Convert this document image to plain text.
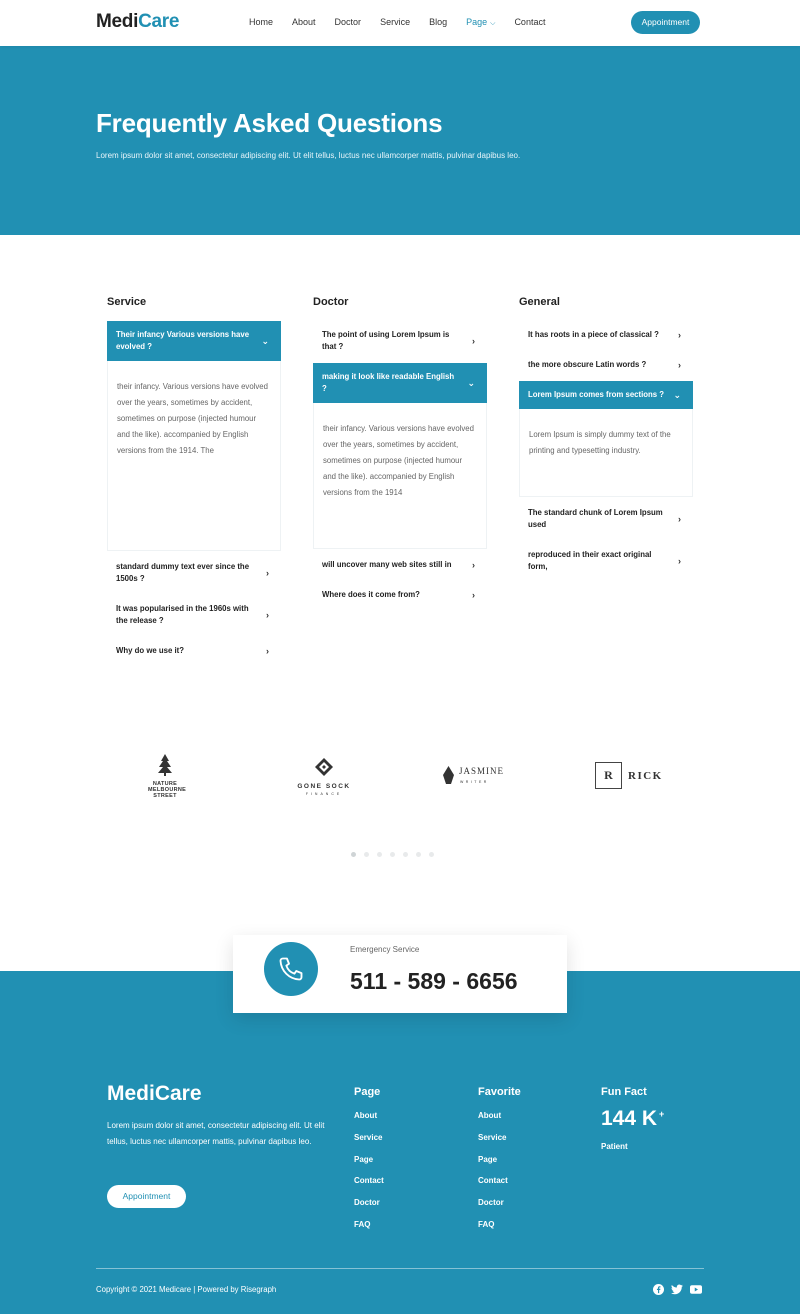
MediCare	Home About Doctor Service Blog Page ⌵ Contact	Appointment
Frequently Asked Questions

Lorem ipsum dolor sit amet, consectetur adipiscing elit. Ut elit tellus, luctus nec ullamcorper mattis, pulvinar dapibus leo.

Service
Their infancy Various versions have evolved ?
⌄
their infancy. Various versions have evolved over the years, sometimes by accident, sometimes on purpose (injected humour and the like). accompanied by English versions from the 1914. The
standard dummy text ever since the 1500s ?
›
It was popularised in the 1960s with the release ?
›
Why do we use it?	›
Doctor
The point of using Lorem Ipsum is that ?
›
making it look like readable English ?
⌄
their infancy. Various versions have evolved over the years, sometimes by accident, sometimes on purpose (injected humour and the like). accompanied by English versions from the 1914
will uncover many web sites still in ›
Where does it come from?	›
General
It has roots in a piece of classical ? ›
the more obscure Latin words ?	›
Lorem Ipsum comes from sections ? ⌄
Lorem Ipsum is simply dummy text of the printing and typesetting industry.
The standard chunk of Lorem Ipsum used
›
reproduced in their exact original form,
›
NATURE
MELBOURNE
STREET
GONE SOCK
FINANCE
JASMINE
WRITER	R RICK
Emergency Service
511 - 589 - 6656
MediCare

Lorem ipsum dolor sit amet, consectetur adipiscing elit. Ut elit tellus, luctus nec ullamcorper mattis, pulvinar dapibus leo.

Appointment
Page
About
Service
Page
Contact
Doctor
FAQ
Favorite
About
Service
Page
Contact
Doctor
FAQ
Fun Fact
144 K +
Patient
Copyright © 2021 Medicare | Powered by Risegraph
